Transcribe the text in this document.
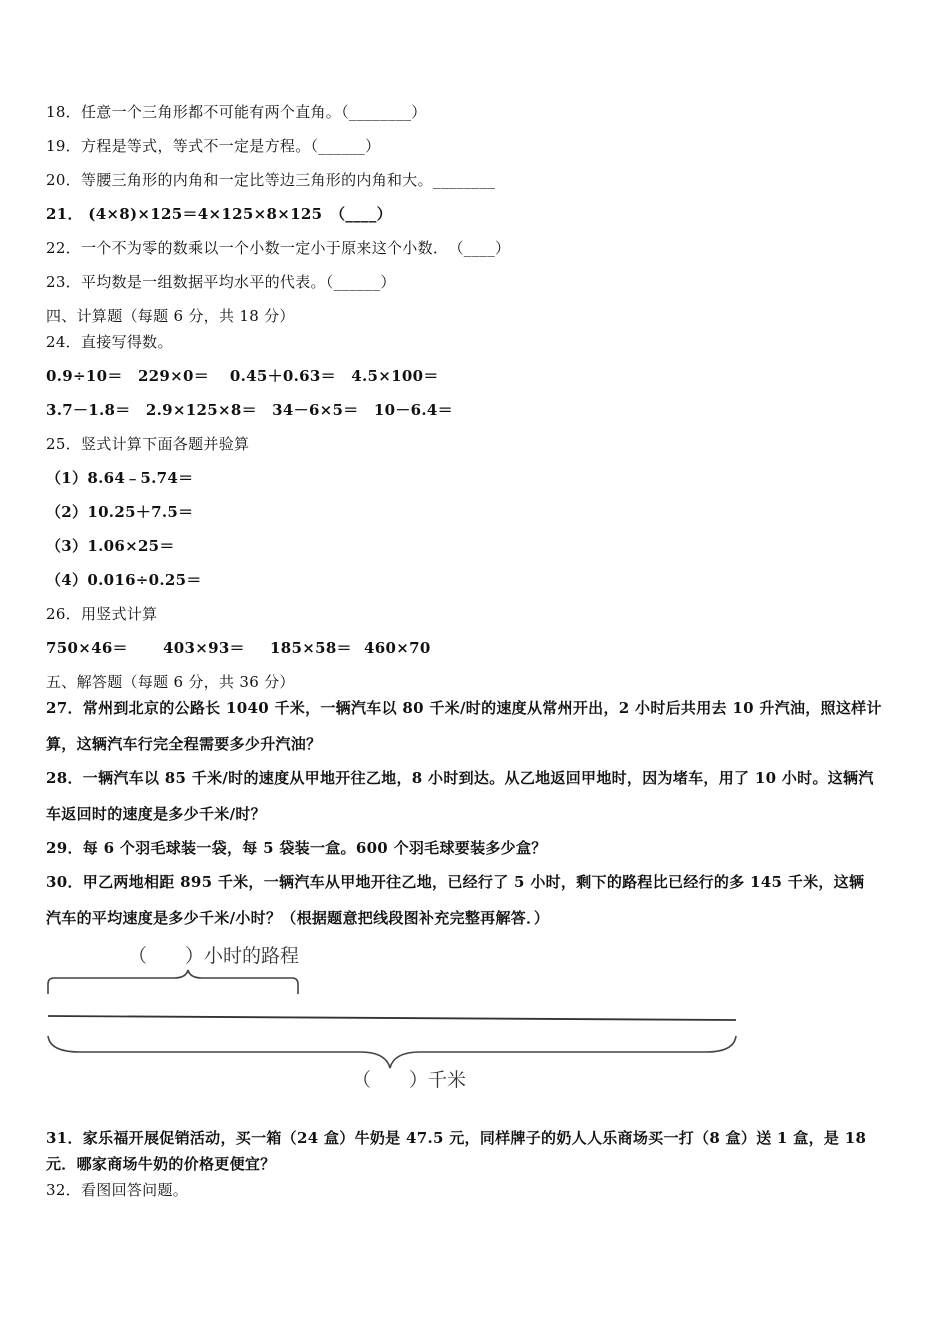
18．任意一个三角形都不可能有两个直角。（________）
19．方程是等式，等式不一定是方程。（______）
20．等腰三角形的内角和一定比等边三角形的内角和大。________
21． (4×8)×125＝4×125×8×125　（____）
22．一个不为零的数乘以一个小数一定小于原来这个小数．　（____）
23．平均数是一组数据平均水平的代表。（______）
四、计算题（每题 6 分，共 18 分）
24．直接写得数。
0.9÷10＝　229×0＝　 0.45＋0.63＝　4.5×100＝
3.7－1.8＝　2.9×125×8＝　34－6×5＝　10－6.4＝
25．竖式计算下面各题并验算
（1）8.64﹣5.74＝
（2）10.25＋7.5＝
（3）1.06×25＝
（4）0.016÷0.25＝
26．用竖式计算
750×46＝ 403×93＝ 185×58＝ 460×70
五、解答题（每题 6 分，共 36 分）
27．常州到北京的公路长 1040 千米，一辆汽车以 80 千米/时的速度从常州开出，2 小时后共用去 10 升汽油，照这样计
算，这辆汽车行完全程需要多少升汽油？
28．一辆汽车以 85 千米/时的速度从甲地开往乙地，8 小时到达。从乙地返回甲地时，因为堵车，用了 10 小时。这辆汽
车返回时的速度是多少千米/时？
29．每 6 个羽毛球装一袋，每 5 袋装一盒。600 个羽毛球要装多少盒？
30．甲乙两地相距 895 千米，一辆汽车从甲地开往乙地，已经行了 5 小时，剩下的路程比已经行的多 145 千米，这辆
汽车的平均速度是多少千米/小时？（根据题意把线段图补充完整再解答．）
（　　）小时的路程
（　　）千米
31．家乐福开展促销活动，买一箱（24 盒）牛奶是 47.5 元，同样牌子的奶人人乐商场买一打（8 盒）送 1 盒，是 18
元．哪家商场牛奶的价格更便宜？
32．看图回答问题。
